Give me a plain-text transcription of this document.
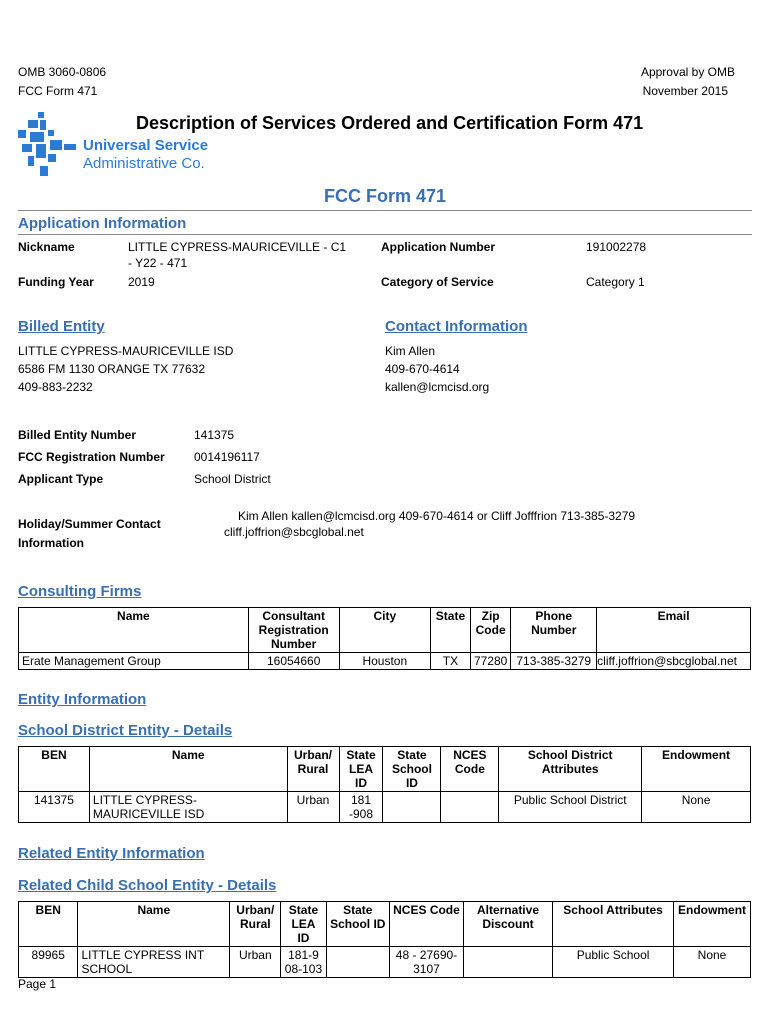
OMB 3060-0806
FCC Form 471
Approval by OMB
November 2015
Universal Service
Administrative Co.
Description of Services Ordered and Certification Form 471
FCC Form 471
Application Information
Nickname	LITTLE CYPRESS-MAURICEVILLE - C1
- Y22 - 471
Application Number	191002278
Funding Year	2019	Category of Service	Category 1
Billed Entity	Contact Information
LITTLE CYPRESS-MAURICEVILLE ISD
6586 FM 1130 ORANGE TX 77632
409-883-2232
Kim Allen
409-670-4614
kallen@lcmcisd.org
Billed Entity Number	141375
FCC Registration Number 0014196117
Applicant Type	School District
Holiday/Summer Contact
Information
Kim Allen kallen@lcmcisd.org 409-670-4614 or Cliff Jofffrion 713-385-3279
cliff.joffrion@sbcglobal.net
Consulting Firms
Name	Consultant Registration Number	City	State	Zip Code	Phone Number	Email
Erate Management Group	16054660	Houston	TX	77280	713-385-3279	cliff.joffrion@sbcglobal.net
Entity Information
School District Entity - Details
BEN	Name	Urban/ Rural	State LEA ID	State School ID	NCES Code	School District Attributes	Endowment
141375	LITTLE CYPRESS-MAURICEVILLE ISD	Urban	181 -908			Public School District	None
Related Entity Information
Related Child School Entity - Details
BEN	Name	Urban/ Rural	State LEA ID	State School ID	NCES Code	Alternative Discount	School Attributes	Endowment
89965	LITTLE CYPRESS INT SCHOOL	Urban	181-9 08-103		48 - 27690- 3107		Public School	None
Page 1
